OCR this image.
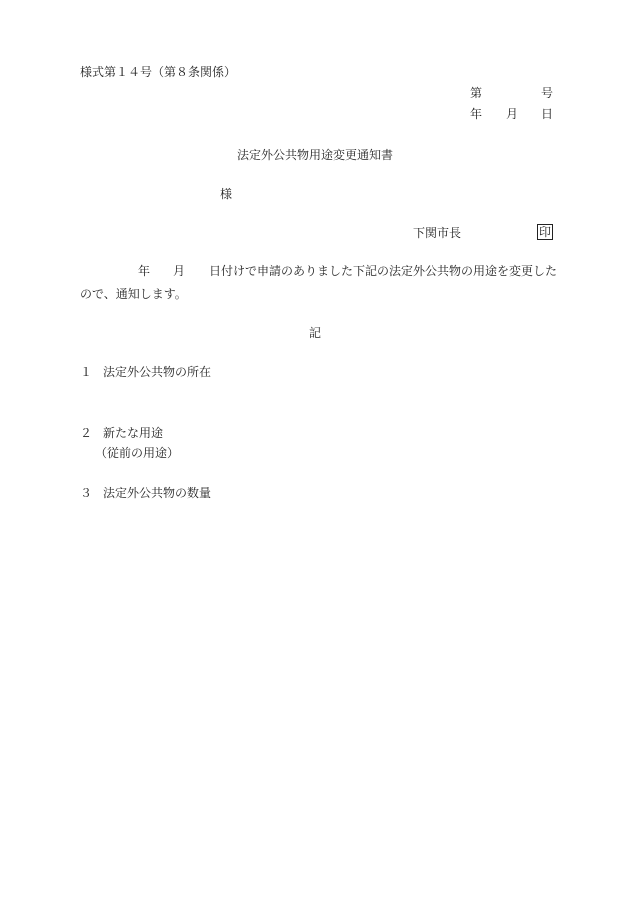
様式第１４号（第８条関係）
第	号
年 月 日
法定外公共物用途変更通知書
様
下関市長	印
年 月 日付けで申請のありました下記の法定外公共物の用途を変更した
ので、通知します。
記
１ 法定外公共物の所在
２ 新たな用途
（従前の用途）
３ 法定外公共物の数量
